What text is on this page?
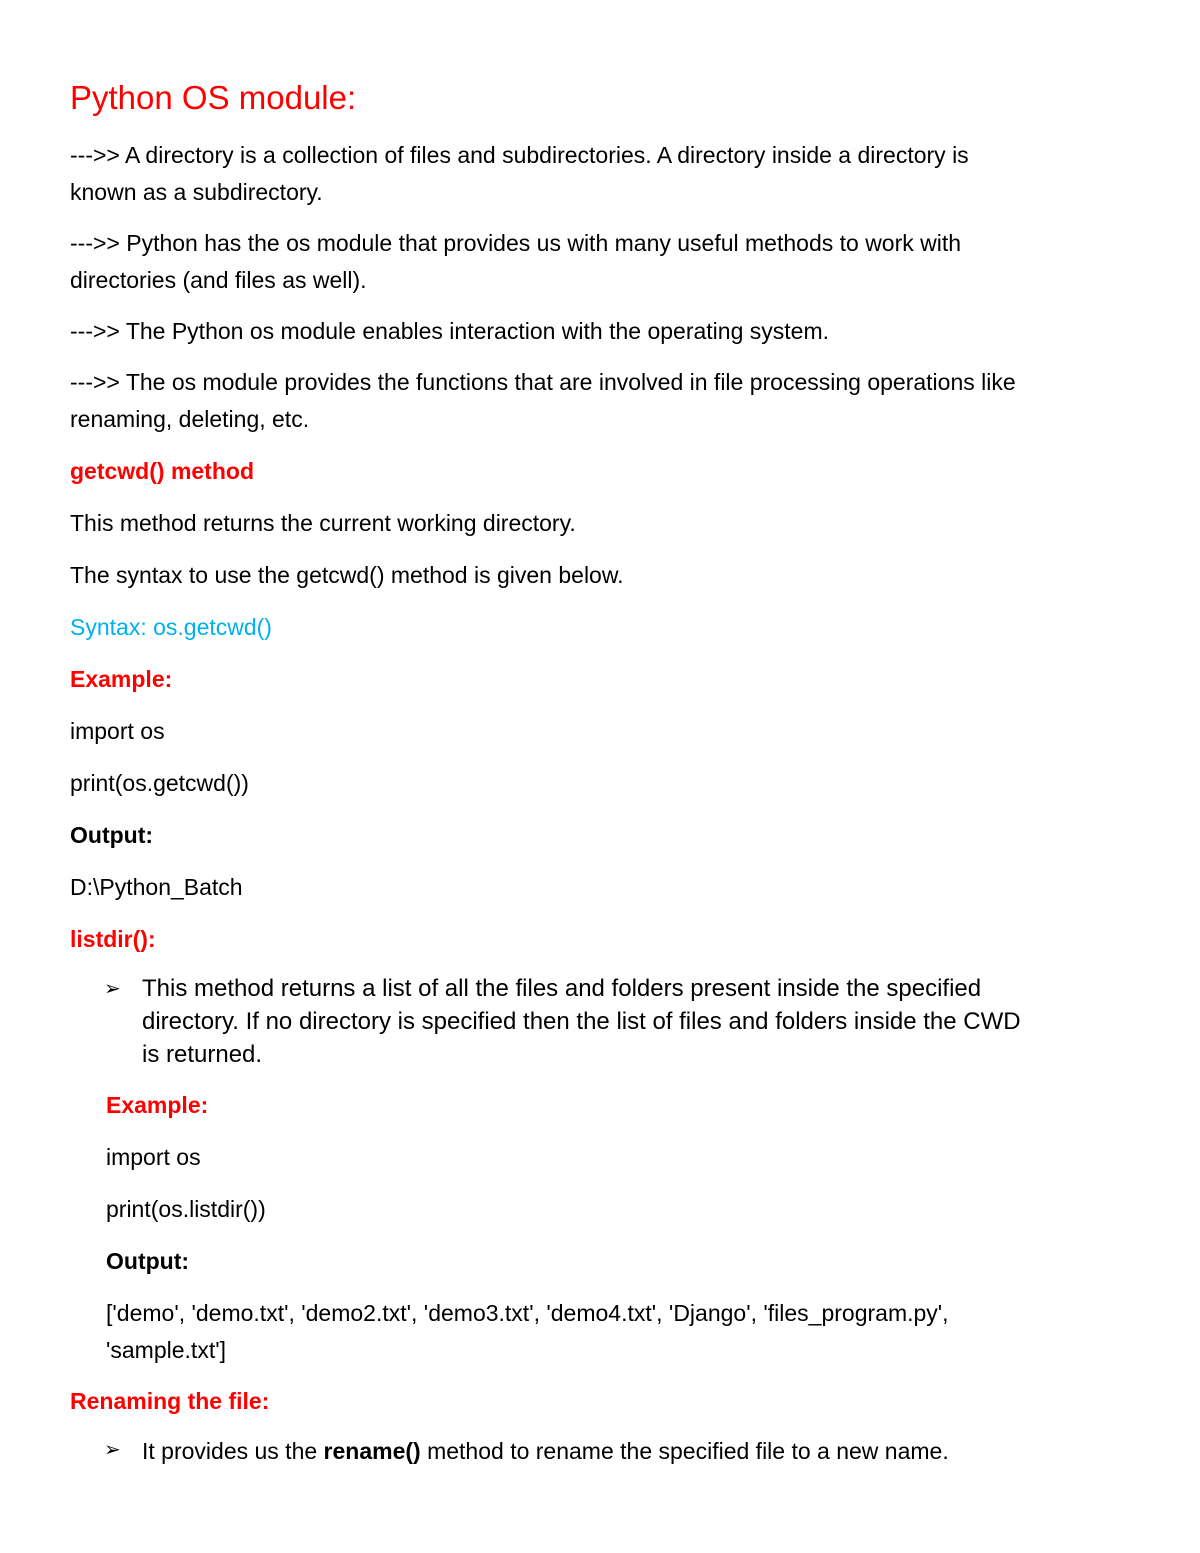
Python OS module:

--->> A directory is a collection of files and subdirectories. A directory inside a directory is

known as a subdirectory.

--->> Python has the os module that provides us with many useful methods to work with

directories (and files as well).

--->> The Python os module enables interaction with the operating system.

--->> The os module provides the functions that are involved in file processing operations like

renaming, deleting, etc.

getcwd() method

This method returns the current working directory.

The syntax to use the getcwd() method is given below.

Syntax: os.getcwd()

Example:

import os

print(os.getcwd())

Output:

D:\Python_Batch

listdir():

➢ This method returns a list of all the files and folders present inside the specified
directory. If no directory is specified then the list of files and folders inside the CWD
is returned.

Example:

import os

print(os.listdir())

Output:

['demo', 'demo.txt', 'demo2.txt', 'demo3.txt', 'demo4.txt', 'Django', 'files_program.py',

'sample.txt']

Renaming the file:

➢ It provides us the rename() method to rename the specified file to a new name.
